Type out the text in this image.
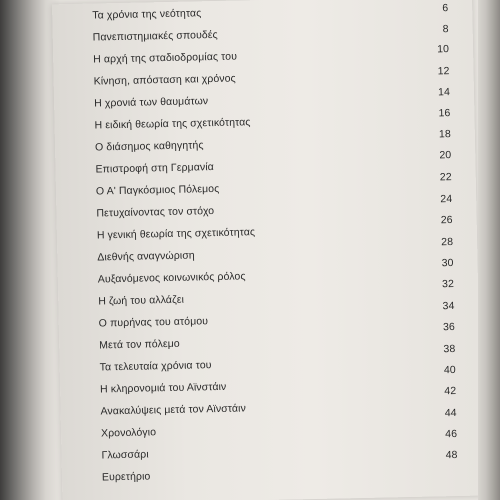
Τα χρόνια της νεότητας	6
Πανεπιστημιακές σπουδές	8
Η αρχή της σταδιοδρομίας του
10
Κίνηση, απόσταση και χρόνος
12
Η χρονιά των θαυμάτων
14
Η ειδική θεωρία της σχετικότητας
16
Ο διάσημος καθηγητής
18
Επιστροφή στη Γερμανία
20
Ο Α' Παγκόσμιος Πόλεμος
22
Πετυχαίνοντας τον στόχο
24
Η γενική θεωρία της σχετικότητας
26
Διεθνής αναγνώριση
28
Αυξανόμενος κοινωνικός ρόλος
30
Η ζωή του αλλάζει
32
Ο πυρήνας του ατόμου
34
Μετά τον πόλεμο
36
Τα τελευταία χρόνια του
38
Η κληρονομιά του Αϊνστάιν
40
Ανακαλύψεις μετά τον Αϊνστάιν
42
Χρονολόγιο
44
Γλωσσάρι
46
Ευρετήριο
48
